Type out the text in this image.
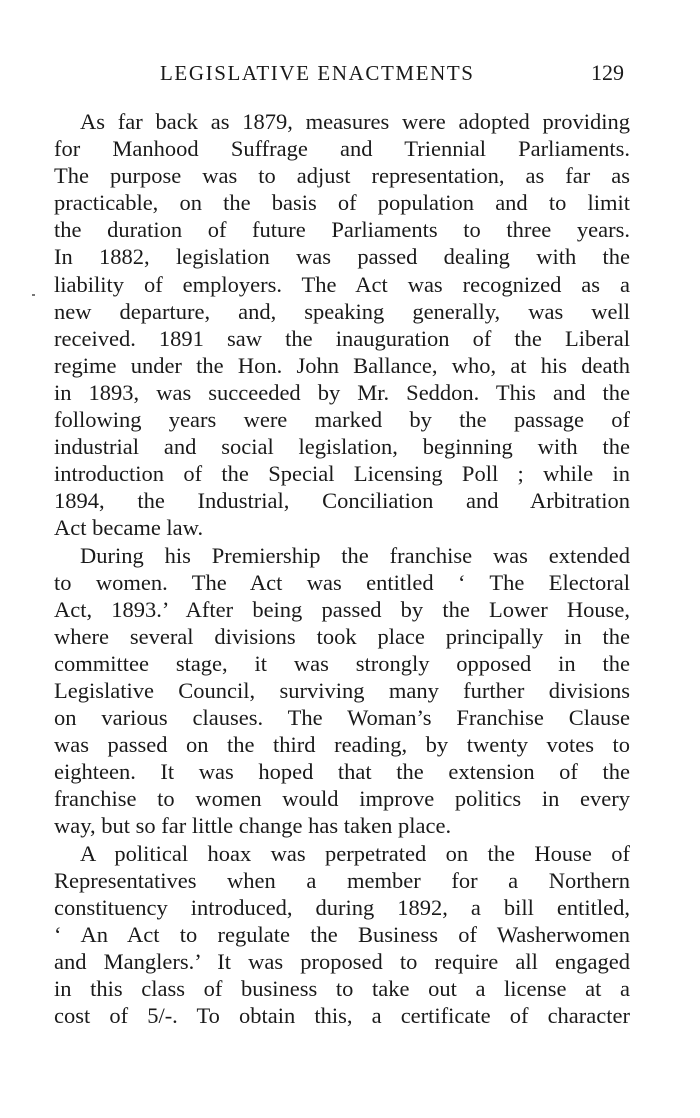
LEGISLATIVE ENACTMENTS	129
As far back as 1879, measures were adopted providing
for Manhood Suffrage and Triennial Parliaments.
The purpose was to adjust representation, as far as
practicable, on the basis of population and to limit
the duration of future Parliaments to three years.
In 1882, legislation was passed dealing with the
liability of employers. The Act was recognized as a
new departure, and, speaking generally, was well
received. 1891 saw the inauguration of the Liberal
regime under the Hon. John Ballance, who, at his death
in 1893, was succeeded by Mr. Seddon. This and the
following years were marked by the passage of
industrial and social legislation, beginning with the
introduction of the Special Licensing Poll ; while in
1894, the Industrial, Conciliation and Arbitration
Act became law.
During his Premiership the franchise was extended
to women. The Act was entitled ‘ The Electoral
Act, 1893.’ After being passed by the Lower House,
where several divisions took place principally in the
committee stage, it was strongly opposed in the
Legislative Council, surviving many further divisions
on various clauses. The Woman’s Franchise Clause
was passed on the third reading, by twenty votes to
eighteen. It was hoped that the extension of the
franchise to women would improve politics in every
way, but so far little change has taken place.
A political hoax was perpetrated on the House of
Representatives when a member for a Northern
constituency introduced, during 1892, a bill entitled,
‘ An Act to regulate the Business of Washerwomen
and Manglers.’ It was proposed to require all engaged
in this class of business to take out a license at a
cost of 5/-. To obtain this, a certificate of character
